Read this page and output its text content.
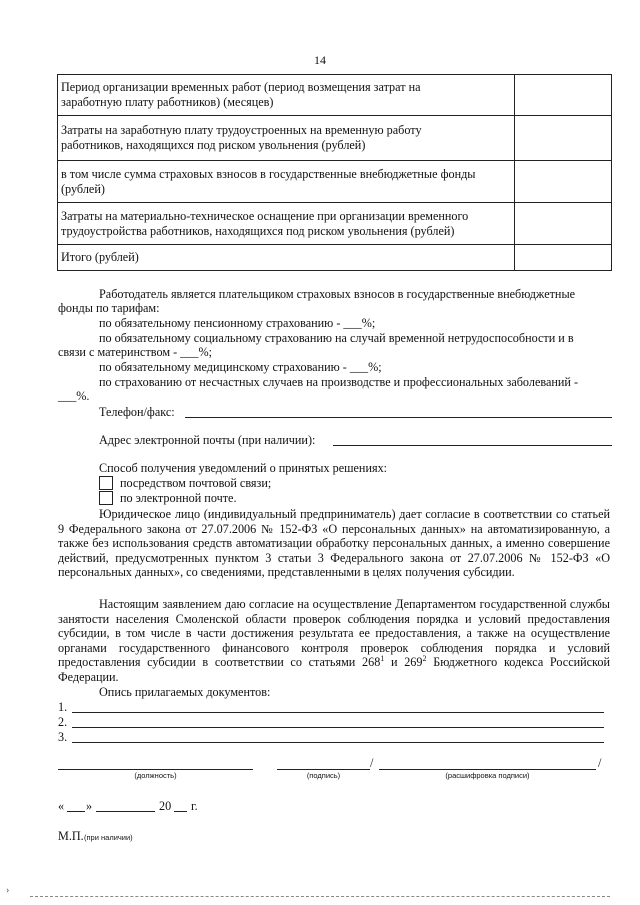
14
Период организации временных работ (период возмещения затрат на
заработную плату работников) (месяцев)	
Затраты на заработную плату трудоустроенных на временную работу
работников, находящихся под риском увольнения (рублей)	
в том числе сумма страховых взносов в государственные внебюджетные фонды
(рублей)	
Затраты на материально-техническое оснащение при организации временного
трудоустройства работников, находящихся под риском увольнения (рублей)	
Итого (рублей)	
Работодатель является плательщиком страховых взносов в государственные внебюджетные
фонды по тарифам:
по обязательному пенсионному страхованию - ___%;
по обязательному социальному страхованию на случай временной нетрудоспособности и в
связи с материнством - ___%;
по обязательному медицинскому страхованию - ___%;
по страхованию от несчастных случаев на производстве и профессиональных заболеваний -
___%.
Телефон/факс:
Адрес электронной почты (при наличии):
Способ получения уведомлений о принятых решениях:
посредством почтовой связи;
по электронной почте.
Юридическое лицо (индивидуальный предприниматель) дает согласие в соответствии со статьей 9 Федерального закона от 27.07.2006 № 152-ФЗ «О персональных данных» на автоматизированную, а также без использования средств автоматизации обработку персональных данных, а именно совершение действий, предусмотренных пунктом 3 статьи 3 Федерального закона от 27.07.2006 № 152-ФЗ «О персональных данных», со сведениями, представленными в целях получения субсидии.
Настоящим заявлением даю согласие на осуществление Департаментом государственной службы занятости населения Смоленской области проверок соблюдения порядка и условий предоставления субсидии, в том числе в части достижения результата ее предоставления, а также на осуществление органами государственного финансового контроля проверок соблюдения порядка и условий предоставления субсидии в соответствии со статьями $268^1$ и $269^2$ Бюджетного кодекса Российской Федерации.
Опись прилагаемых документов:
1.
2.
3.
(должность)	(подпись)
/
(расшифровка подписи)
/
« »	20 г.
М.П. (при наличии)
›
